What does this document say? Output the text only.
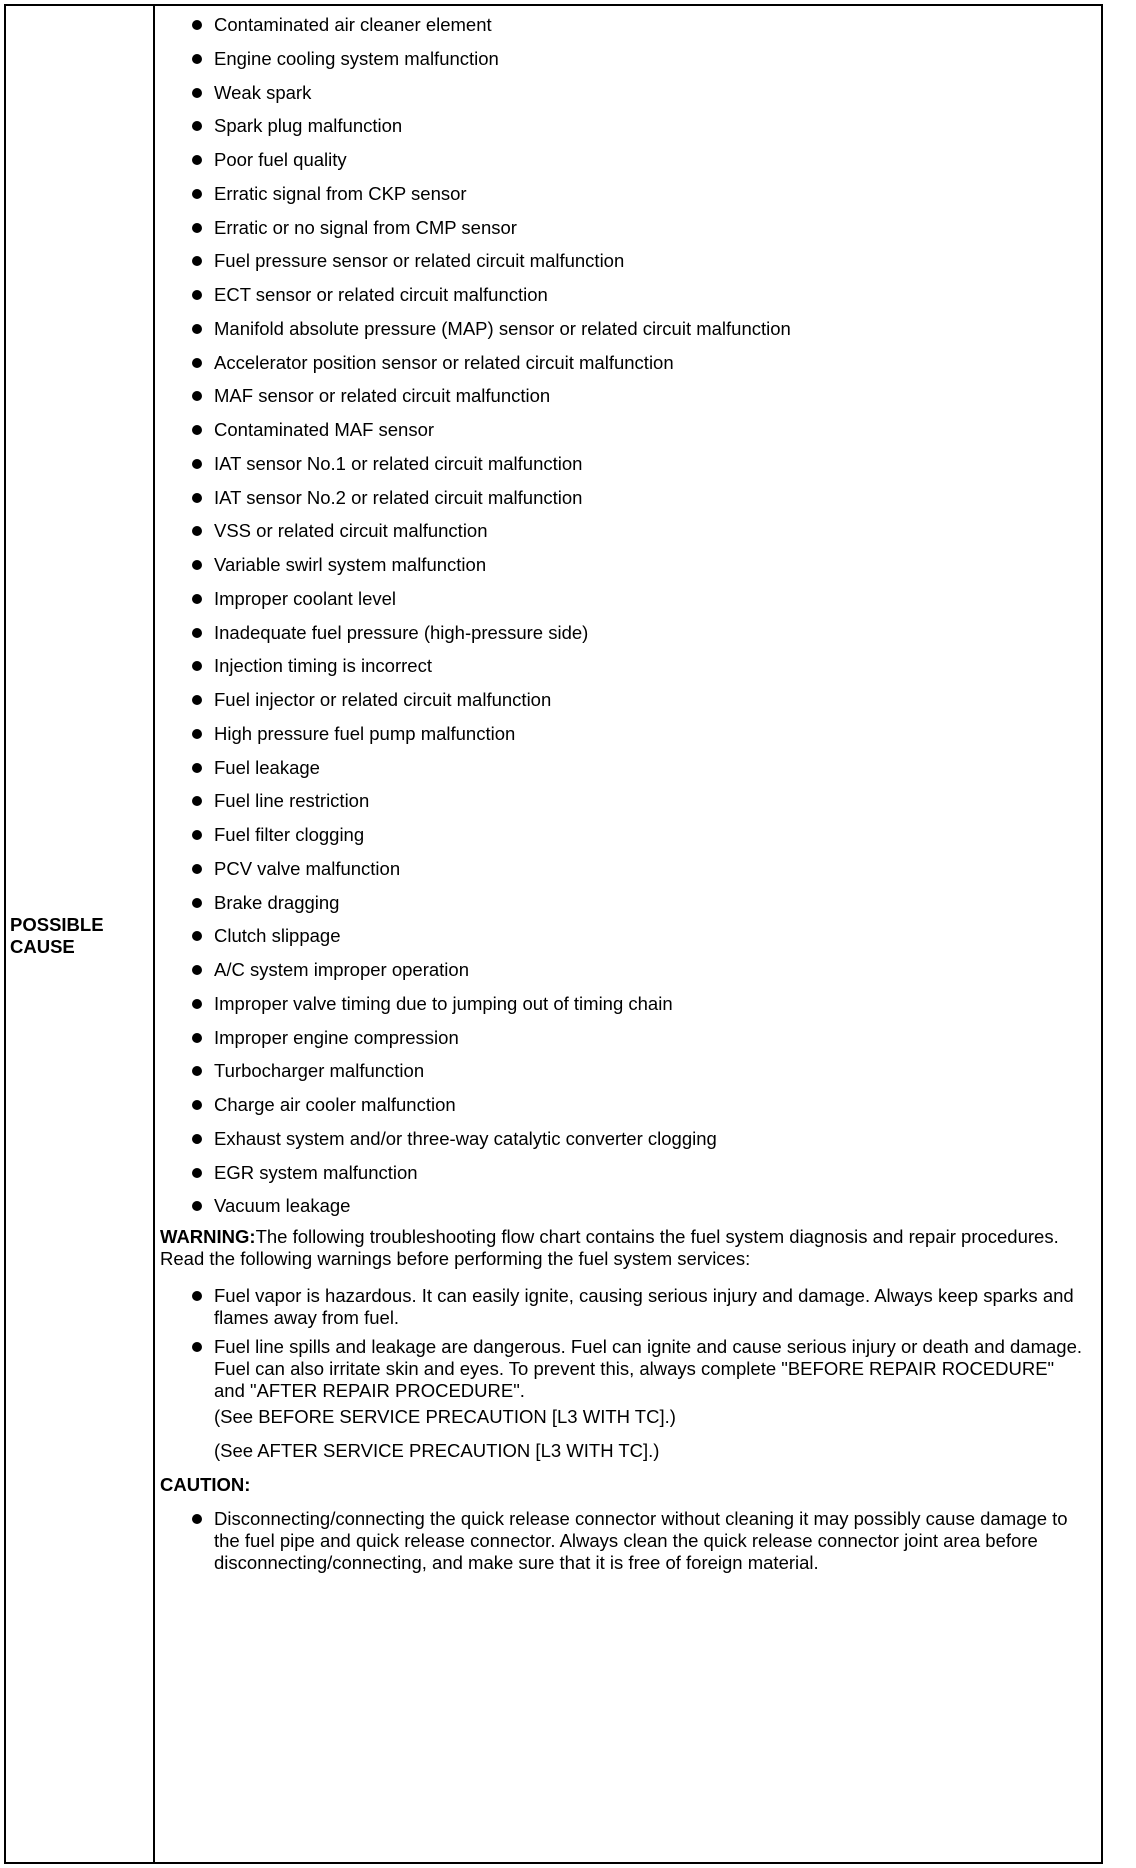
POSSIBLE CAUSE
Contaminated air cleaner element
Engine cooling system malfunction
Weak spark
Spark plug malfunction
Poor fuel quality
Erratic signal from CKP sensor
Erratic or no signal from CMP sensor
Fuel pressure sensor or related circuit malfunction
ECT sensor or related circuit malfunction
Manifold absolute pressure (MAP) sensor or related circuit malfunction
Accelerator position sensor or related circuit malfunction
MAF sensor or related circuit malfunction
Contaminated MAF sensor
IAT sensor No.1 or related circuit malfunction
IAT sensor No.2 or related circuit malfunction
VSS or related circuit malfunction
Variable swirl system malfunction
Improper coolant level
Inadequate fuel pressure (high-pressure side)
Injection timing is incorrect
Fuel injector or related circuit malfunction
High pressure fuel pump malfunction
Fuel leakage
Fuel line restriction
Fuel filter clogging
PCV valve malfunction
Brake dragging
Clutch slippage
A/C system improper operation
Improper valve timing due to jumping out of timing chain
Improper engine compression
Turbocharger malfunction
Charge air cooler malfunction
Exhaust system and/or three-way catalytic converter clogging
EGR system malfunction
Vacuum leakage
WARNING:The following troubleshooting flow chart contains the fuel system diagnosis and repair procedures. Read the following warnings before performing the fuel system services:
Fuel vapor is hazardous. It can easily ignite, causing serious injury and damage. Always keep sparks and flames away from fuel.
Fuel line spills and leakage are dangerous. Fuel can ignite and cause serious injury or death and damage. Fuel can also irritate skin and eyes. To prevent this, always complete "BEFORE REPAIR ROCEDURE" and "AFTER REPAIR PROCEDURE".
(See BEFORE SERVICE PRECAUTION [L3 WITH TC].)
(See AFTER SERVICE PRECAUTION [L3 WITH TC].)
CAUTION:
Disconnecting/connecting the quick release connector without cleaning it may possibly cause damage to the fuel pipe and quick release connector. Always clean the quick release connector joint area before disconnecting/connecting, and make sure that it is free of foreign material.
